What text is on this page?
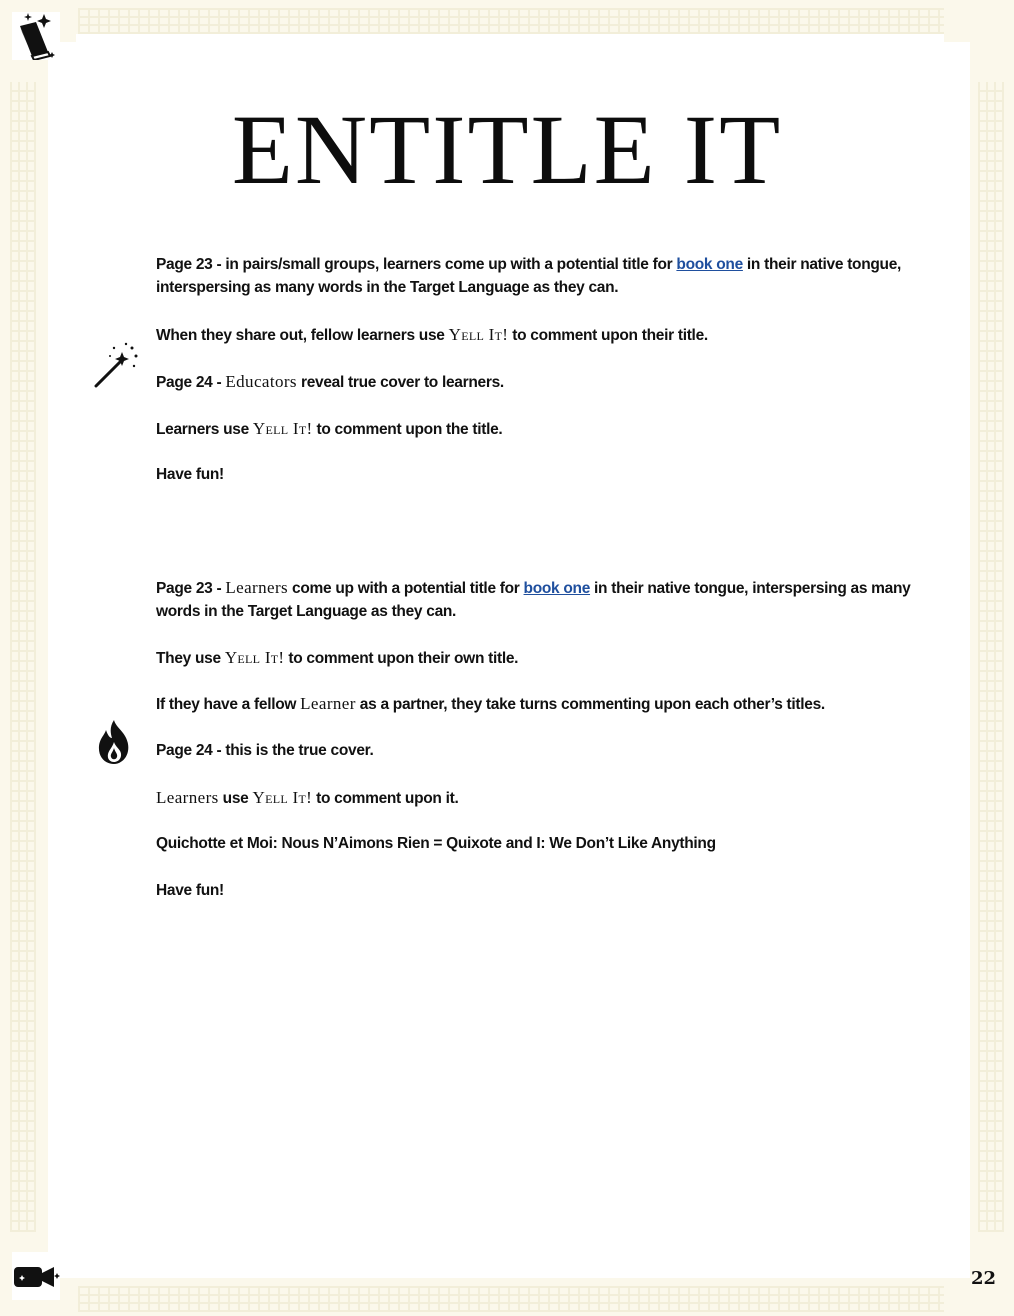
22
ENTITLE IT

Page 23 - in pairs/small groups, learners come up with a potential title for book one in their native tongue, interspersing as many words in the Target Language as they can.

When they share out, fellow learners use Yell It! to comment upon their title.

Page 24 - Educators reveal true cover to learners.

Learners use Yell It! to comment upon the title.

Have fun!

Page 23 - Learners come up with a potential title for book one in their native tongue, interspersing as many words in the Target Language as they can.

They use Yell It! to comment upon their own title.

If they have a fellow Learner as a partner, they take turns commenting upon each other’s titles.

Page 24 - this is the true cover.

Learners use Yell It! to comment upon it.

Quichotte et Moi: Nous N’Aimons Rien = Quixote and I: We Don’t Like Anything

Have fun!
